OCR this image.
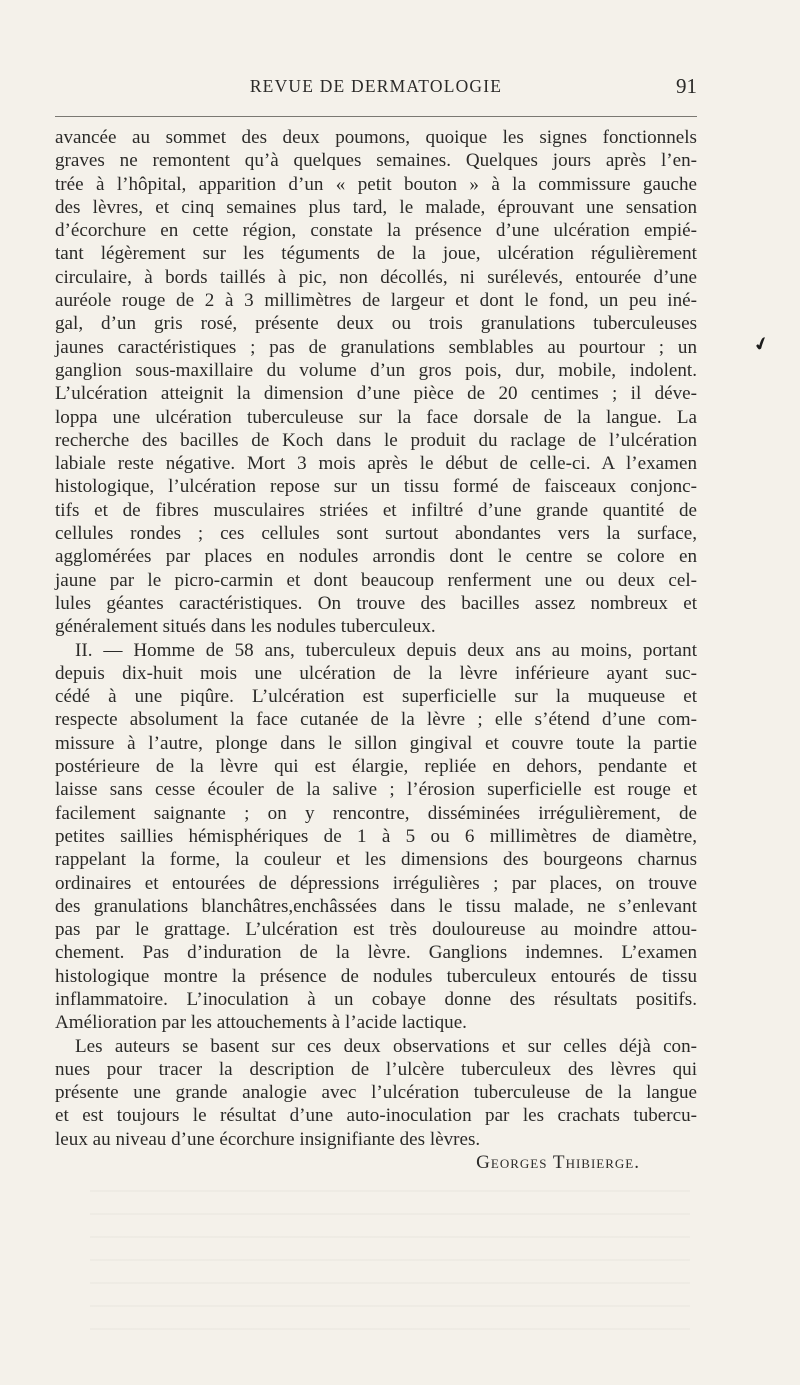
REVUE DE DERMATOLOGIE	91
avancée au sommet des deux poumons, quoique les signes fonctionnels
graves ne remontent qu’à quelques semaines. Quelques jours après l’en-
trée à l’hôpital, apparition d’un « petit bouton » à la commissure gauche
des lèvres, et cinq semaines plus tard, le malade, éprouvant une sensation
d’écorchure en cette région, constate la présence d’une ulcération empié-
tant légèrement sur les téguments de la joue, ulcération régulièrement
circulaire, à bords taillés à pic, non décollés, ni surélevés, entourée d’une
auréole rouge de 2 à 3 millimètres de largeur et dont le fond, un peu iné-
gal, d’un gris rosé, présente deux ou trois granulations tuberculeuses
jaunes caractéristiques ; pas de granulations semblables au pourtour ; un
ganglion sous-maxillaire du volume d’un gros pois, dur, mobile, indolent.
L’ulcération atteignit la dimension d’une pièce de 20 centimes ; il déve-
loppa une ulcération tuberculeuse sur la face dorsale de la langue. La
recherche des bacilles de Koch dans le produit du raclage de l’ulcération
labiale reste négative. Mort 3 mois après le début de celle-ci. A l’examen
histologique, l’ulcération repose sur un tissu formé de faisceaux conjonc-
tifs et de fibres musculaires striées et infiltré d’une grande quantité de
cellules rondes ; ces cellules sont surtout abondantes vers la surface,
agglomérées par places en nodules arrondis dont le centre se colore en
jaune par le picro-carmin et dont beaucoup renferment une ou deux cel-
lules géantes caractéristiques. On trouve des bacilles assez nombreux et
généralement situés dans les nodules tuberculeux.
II. — Homme de 58 ans, tuberculeux depuis deux ans au moins, portant
depuis dix-huit mois une ulcération de la lèvre inférieure ayant suc-
cédé à une piqûre. L’ulcération est superficielle sur la muqueuse et
respecte absolument la face cutanée de la lèvre ; elle s’étend d’une com-
missure à l’autre, plonge dans le sillon gingival et couvre toute la partie
postérieure de la lèvre qui est élargie, repliée en dehors, pendante et
laisse sans cesse écouler de la salive ; l’érosion superficielle est rouge et
facilement saignante ; on y rencontre, disséminées irrégulièrement, de
petites saillies hémisphériques de 1 à 5 ou 6 millimètres de diamètre,
rappelant la forme, la couleur et les dimensions des bourgeons charnus
ordinaires et entourées de dépressions irrégulières ; par places, on trouve
des granulations blanchâtres,enchâssées dans le tissu malade, ne s’enlevant
pas par le grattage. L’ulcération est très douloureuse au moindre attou-
chement. Pas d’induration de la lèvre. Ganglions indemnes. L’examen
histologique montre la présence de nodules tuberculeux entourés de tissu
inflammatoire. L’inoculation à un cobaye donne des résultats positifs.
Amélioration par les attouchements à l’acide lactique.
Les auteurs se basent sur ces deux observations et sur celles déjà con-
nues pour tracer la description de l’ulcère tuberculeux des lèvres qui
présente une grande analogie avec l’ulcération tuberculeuse de la langue
et est toujours le résultat d’une auto-inoculation par les crachats tubercu-
leux au niveau d’une écorchure insignifiante des lèvres.
Georges Thibierge.
✔
